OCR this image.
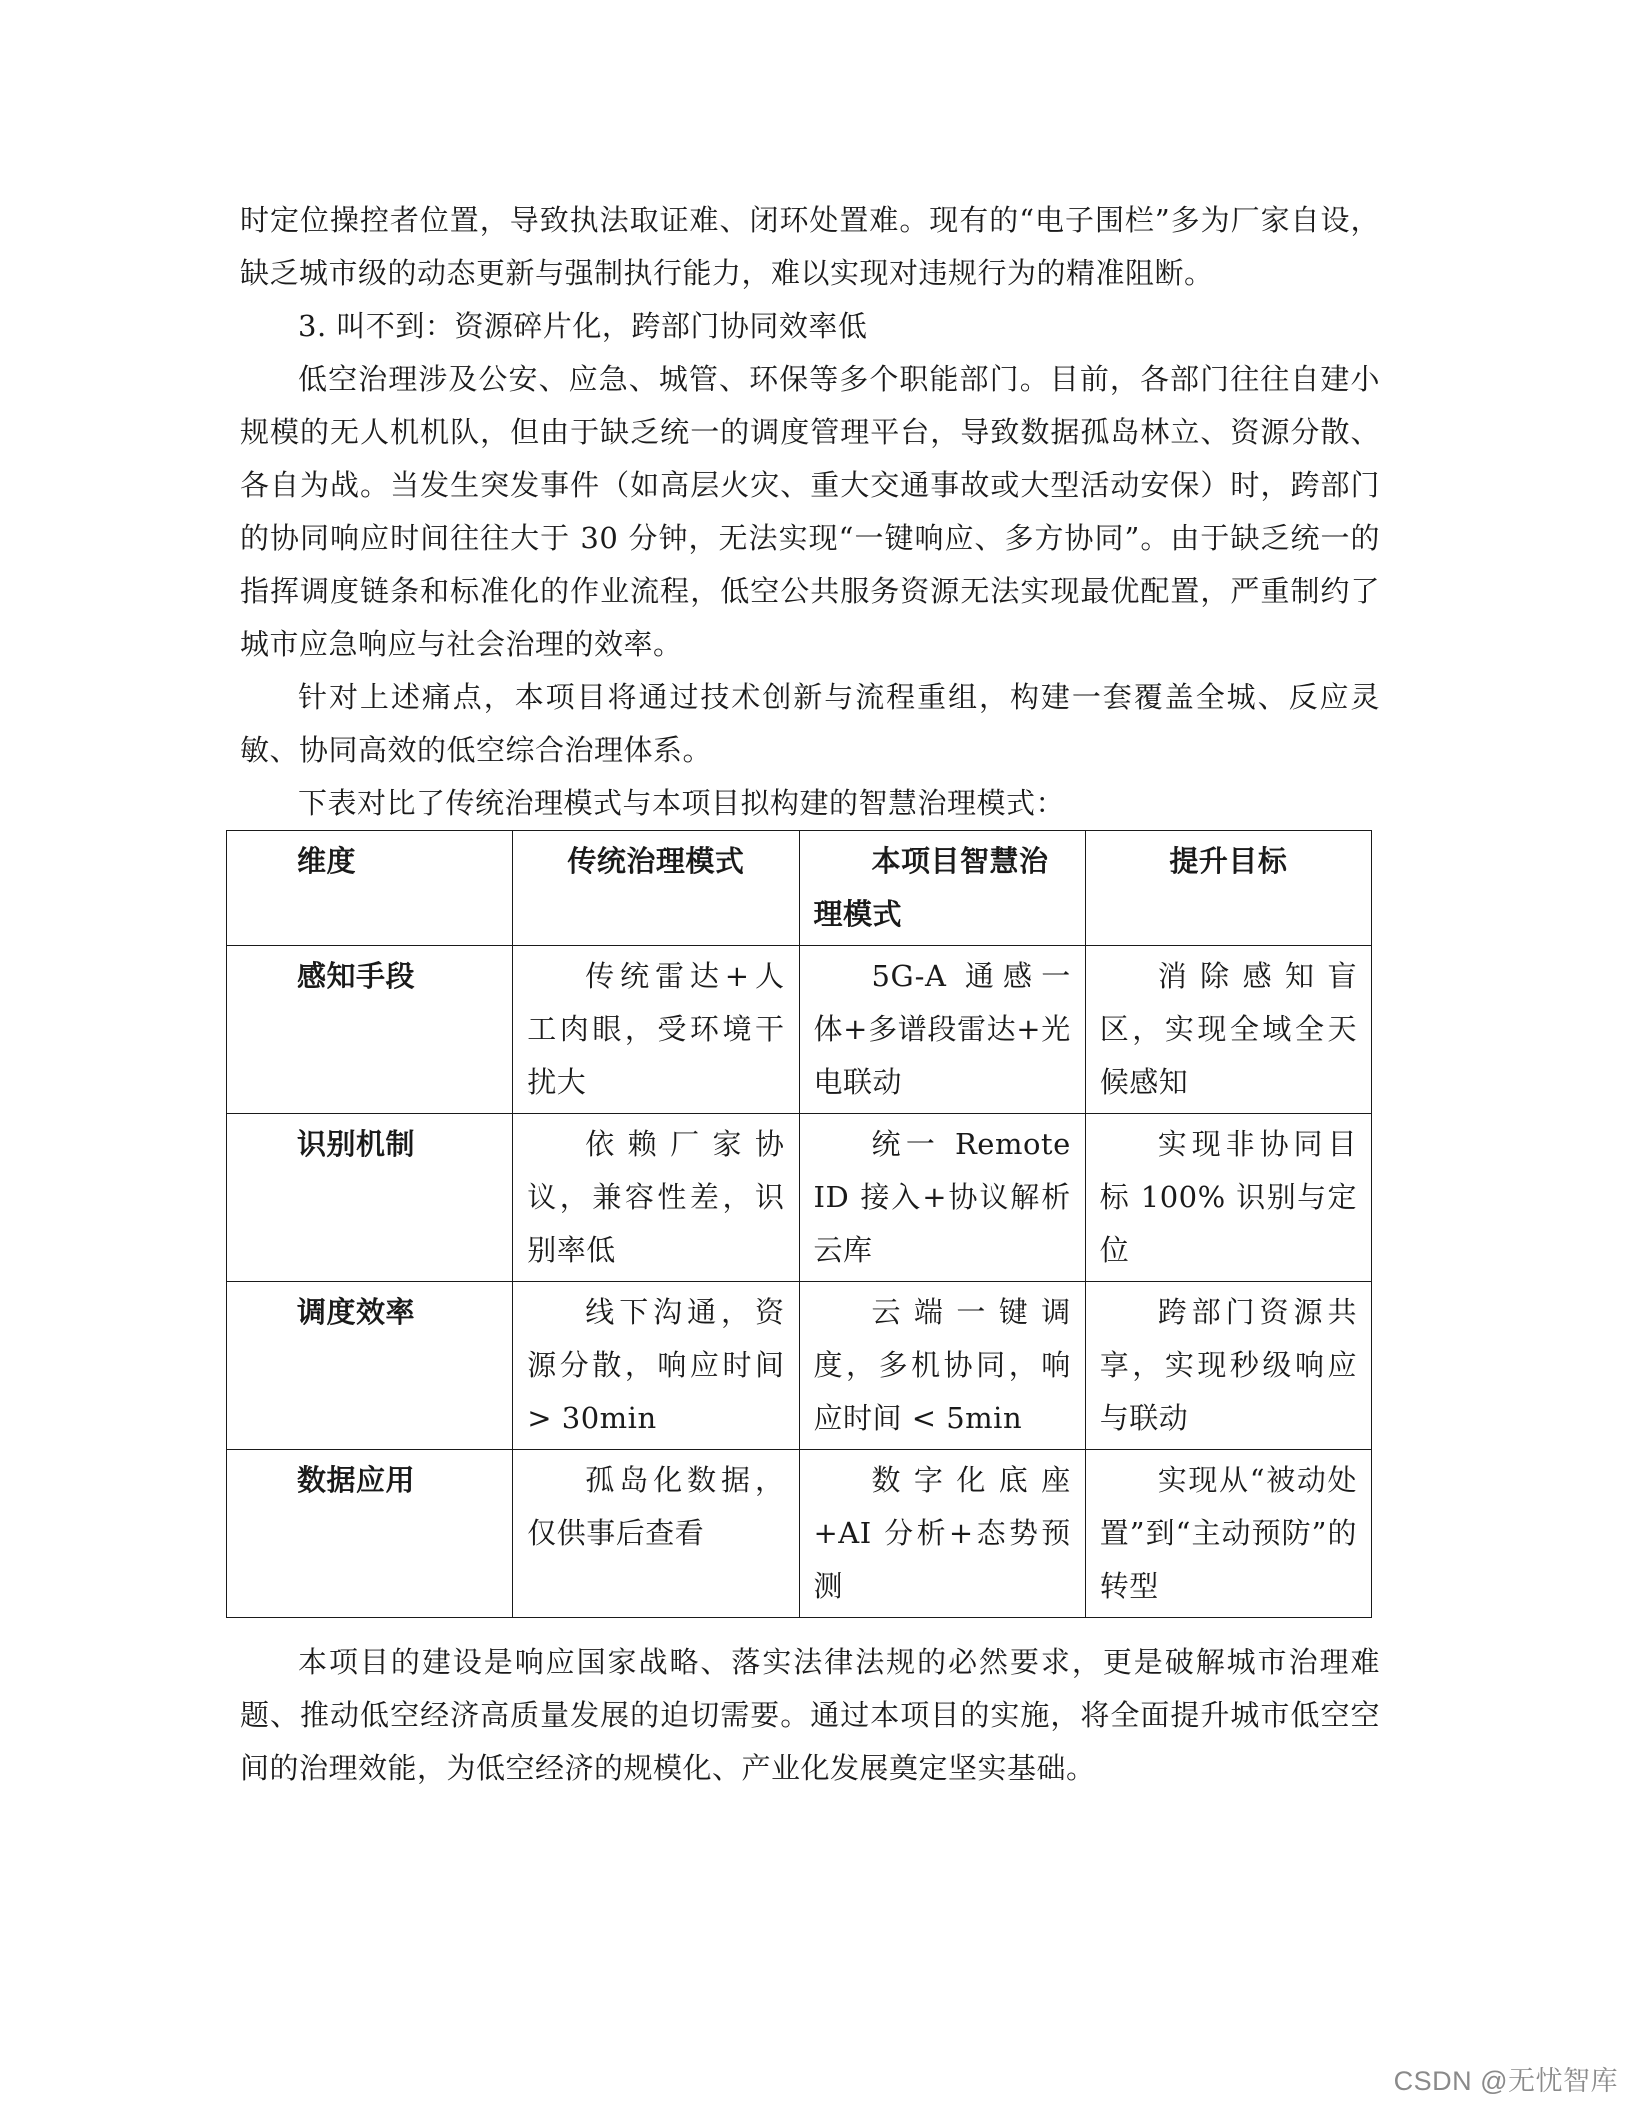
时定位操控者位置，导致执法取证难、闭环处置难。现有的“电子围栏”多为厂家自设，缺乏城市级的动态更新与强制执行能力，难以实现对违规行为的精准阻断。

3. 叫不到：资源碎片化，跨部门协同效率低

低空治理涉及公安、应急、城管、环保等多个职能部门。目前，各部门往往自建小规模的无人机机队，但由于缺乏统一的调度管理平台，导致数据孤岛林立、资源分散、各自为战。当发生突发事件（如高层火灾、重大交通事故或大型活动安保）时，跨部门的协同响应时间往往大于 30 分钟，无法实现“一键响应、多方协同”。由于缺乏统一的指挥调度链条和标准化的作业流程，低空公共服务资源无法实现最优配置，严重制约了城市应急响应与社会治理的效率。

针对上述痛点，本项目将通过技术创新与流程重组，构建一套覆盖全城、反应灵敏、协同高效的低空综合治理体系。

下表对比了传统治理模式与本项目拟构建的智慧治理模式：

维度	传统治理模式	本项目智慧治理模式	提升目标
感知手段	传统雷达+人工肉眼，受环境干扰大	5G-A 通感一体+多谱段雷达+光电联动	消除感知盲区，实现全域全天候感知
识别机制	依赖厂家协议，兼容性差，识别率低	统一 Remote ID 接入+协议解析云库	实现非协同目标 100% 识别与定位
调度效率	线下沟通，资源分散，响应时间 > 30min	云端一键调度，多机协同，响应时间 < 5min	跨部门资源共享，实现秒级响应与联动
数据应用	孤岛化数据，仅供事后查看	数字化底座+AI 分析+态势预测	实现从“被动处置”到“主动预防”的转型

本项目的建设是响应国家战略、落实法律法规的必然要求，更是破解城市治理难题、推动低空经济高质量发展的迫切需要。通过本项目的实施，将全面提升城市低空空间的治理效能，为低空经济的规模化、产业化发展奠定坚实基础。

CSDN @无忧智库
